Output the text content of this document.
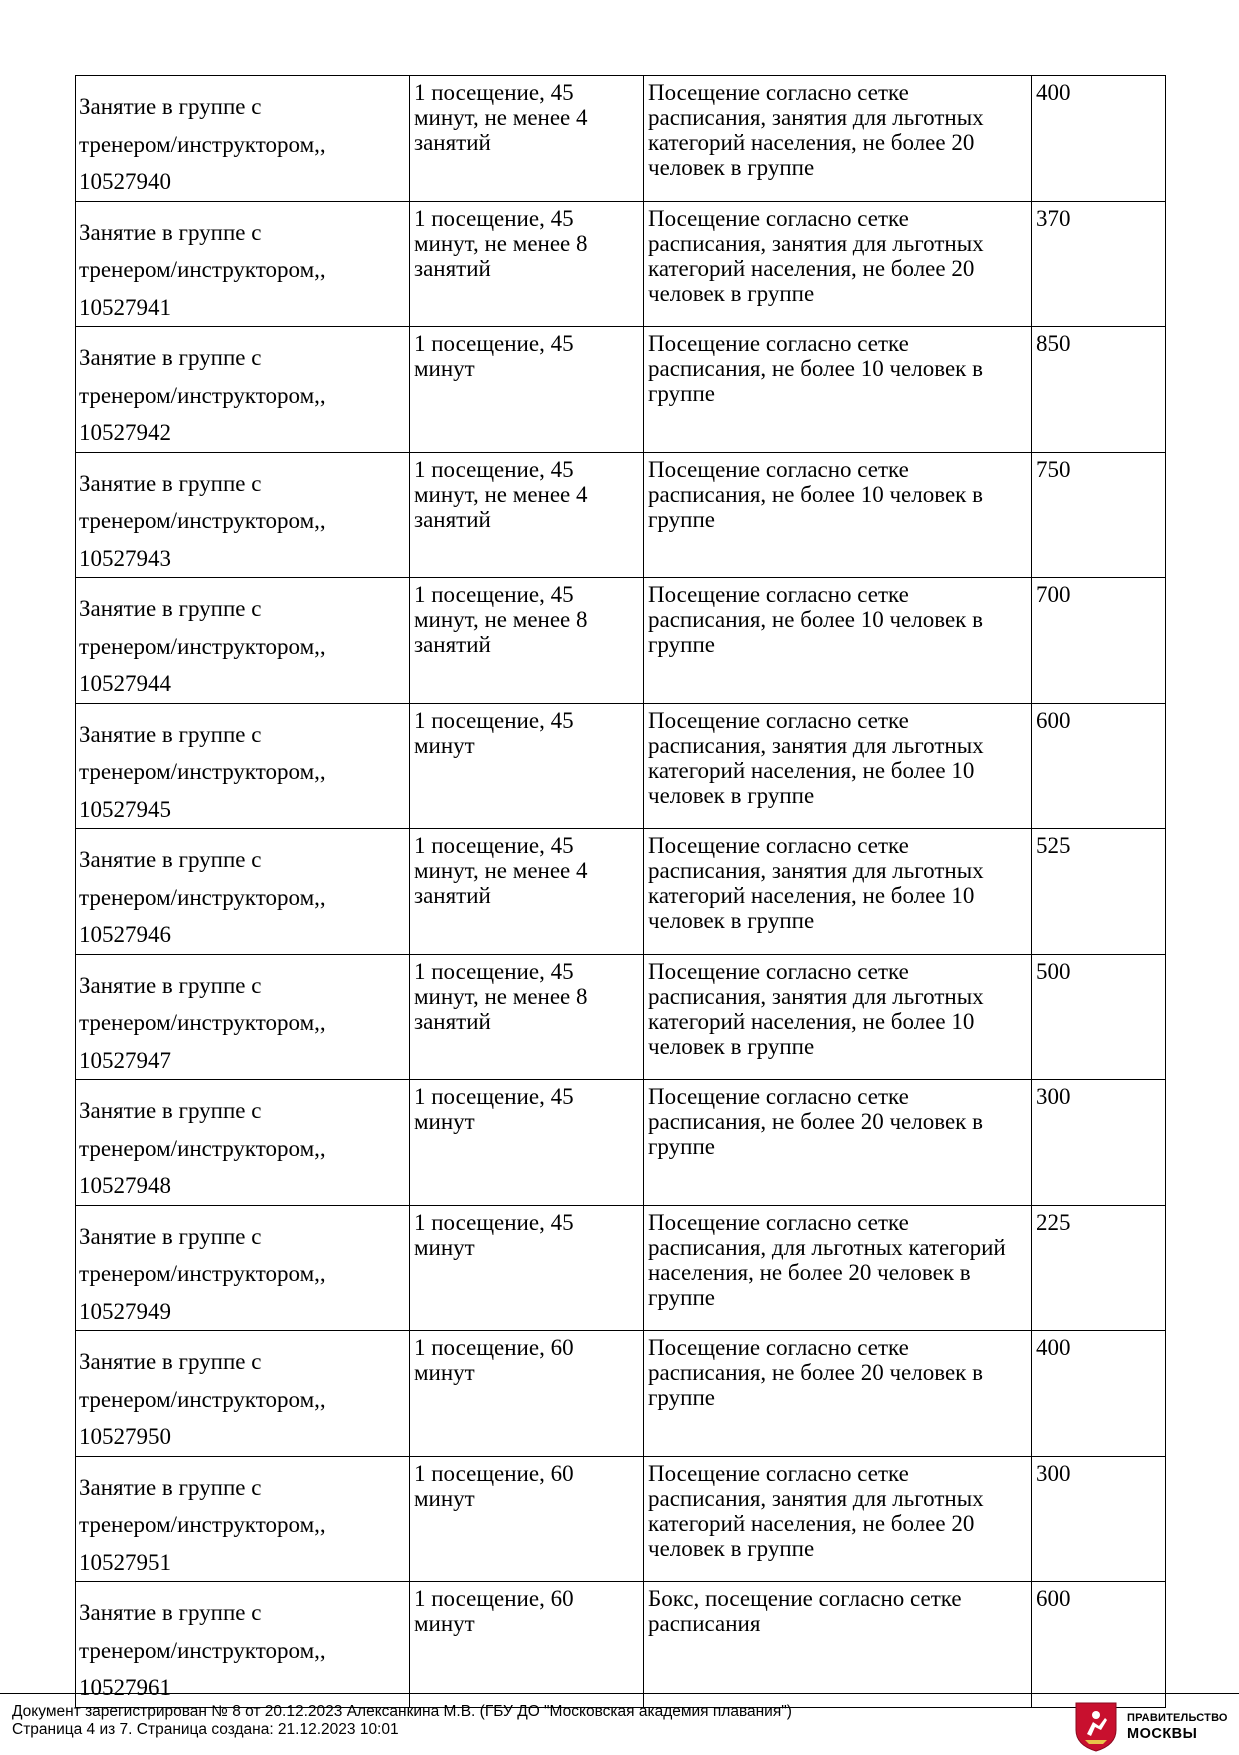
Занятие в группе с
тренером/инструктором,,
10527940	1 посещение, 45 минут, не менее 4 занятий	Посещение согласно сетке расписания, занятия для льготных категорий населения, не более 20 человек в группе	400

Занятие в группе с
тренером/инструктором,,
10527941	1 посещение, 45 минут, не менее 8 занятий	Посещение согласно сетке расписания, занятия для льготных категорий населения, не более 20 человек в группе	370

Занятие в группе с
тренером/инструктором,,
10527942	1 посещение, 45 минут	Посещение согласно сетке расписания, не более 10 человек в группе	850

Занятие в группе с
тренером/инструктором,,
10527943	1 посещение, 45 минут, не менее 4 занятий	Посещение согласно сетке расписания, не более 10 человек в группе	750

Занятие в группе с
тренером/инструктором,,
10527944	1 посещение, 45 минут, не менее 8 занятий	Посещение согласно сетке расписания, не более 10 человек в группе	700

Занятие в группе с
тренером/инструктором,,
10527945	1 посещение, 45 минут	Посещение согласно сетке расписания, занятия для льготных категорий населения, не более 10 человек в группе	600

Занятие в группе с
тренером/инструктором,,
10527946	1 посещение, 45 минут, не менее 4 занятий	Посещение согласно сетке расписания, занятия для льготных категорий населения, не более 10 человек в группе	525

Занятие в группе с
тренером/инструктором,,
10527947	1 посещение, 45 минут, не менее 8 занятий	Посещение согласно сетке расписания, занятия для льготных категорий населения, не более 10 человек в группе	500

Занятие в группе с
тренером/инструктором,,
10527948	1 посещение, 45 минут	Посещение согласно сетке расписания, не более 20 человек в группе	300

Занятие в группе с
тренером/инструктором,,
10527949	1 посещение, 45 минут	Посещение согласно сетке расписания, для льготных категорий населения, не более 20 человек в группе	225

Занятие в группе с
тренером/инструктором,,
10527950	1 посещение, 60 минут	Посещение согласно сетке расписания, не более 20 человек в группе	400

Занятие в группе с
тренером/инструктором,,
10527951	1 посещение, 60 минут	Посещение согласно сетке расписания, занятия для льготных категорий населения, не более 20 человек в группе	300

Занятие в группе с
тренером/инструктором,,
10527961	1 посещение, 60 минут	Бокс, посещение согласно сетке расписания	600
Документ зарегистрирован № 8 от 20.12.2023 Алексанкина М.В. (ГБУ ДО "Московская академия плавания")
Страница 4 из 7. Страница создана: 21.12.2023 10:01
ПРАВИТЕЛЬСТВО
МОСКВЫ
